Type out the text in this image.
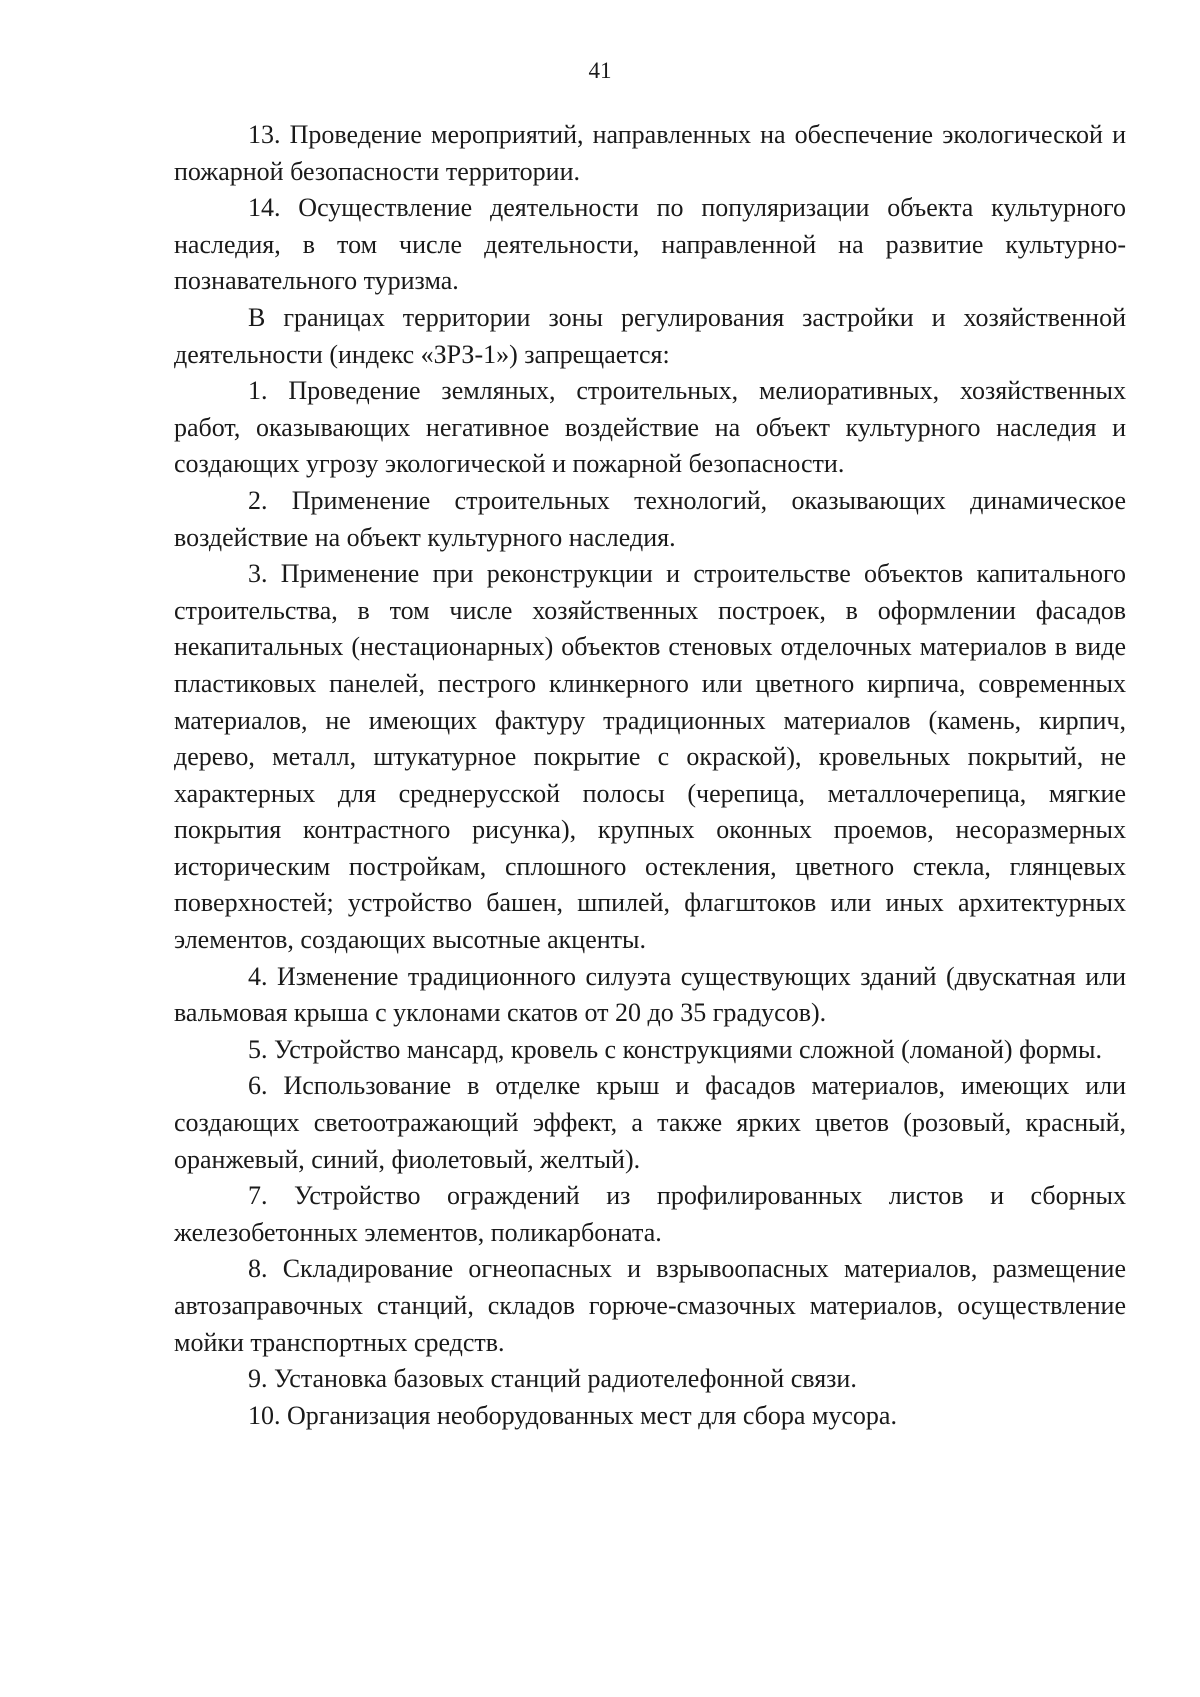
41

13. Проведение мероприятий, направленных на обеспечение экологической и пожарной безопасности территории.

14. Осуществление деятельности по популяризации объекта культурного наследия, в том числе деятельности, направленной на развитие культурно-познавательного туризма.

В границах территории зоны регулирования застройки и хозяйственной деятельности (индекс «ЗРЗ-1») запрещается:

1. Проведение земляных, строительных, мелиоративных, хозяйственных работ, оказывающих негативное воздействие на объект культурного наследия и создающих угрозу экологической и пожарной безопасности.

2. Применение строительных технологий, оказывающих динамическое воздействие на объект культурного наследия.

3. Применение при реконструкции и строительстве объектов капитального строительства, в том числе хозяйственных построек, в оформлении фасадов некапитальных (нестационарных) объектов стеновых отделочных материалов в виде пластиковых панелей, пестрого клинкерного или цветного кирпича, современных материалов, не имеющих фактуру традиционных материалов (камень, кирпич, дерево, металл, штукатурное покрытие с окраской), кровельных покрытий, не характерных для среднерусской полосы (черепица, металлочерепица, мягкие покрытия контрастного рисунка), крупных оконных проемов, несоразмерных историческим постройкам, сплошного остекления, цветного стекла, глянцевых поверхностей; устройство башен, шпилей, флагштоков или иных архитектурных элементов, создающих высотные акценты.

4. Изменение традиционного силуэта существующих зданий (двускатная или вальмовая крыша с уклонами скатов от 20 до 35 градусов).

5. Устройство мансард, кровель с конструкциями сложной (ломаной) формы.

6. Использование в отделке крыш и фасадов материалов, имеющих или создающих светоотражающий эффект, а также ярких цветов (розовый, красный, оранжевый, синий, фиолетовый, желтый).

7. Устройство ограждений из профилированных листов и сборных железобетонных элементов, поликарбоната.

8. Складирование огнеопасных и взрывоопасных материалов, размещение автозаправочных станций, складов горюче-смазочных материалов, осуществление мойки транспортных средств.

9. Установка базовых станций радиотелефонной связи.

10. Организация необорудованных мест для сбора мусора.
